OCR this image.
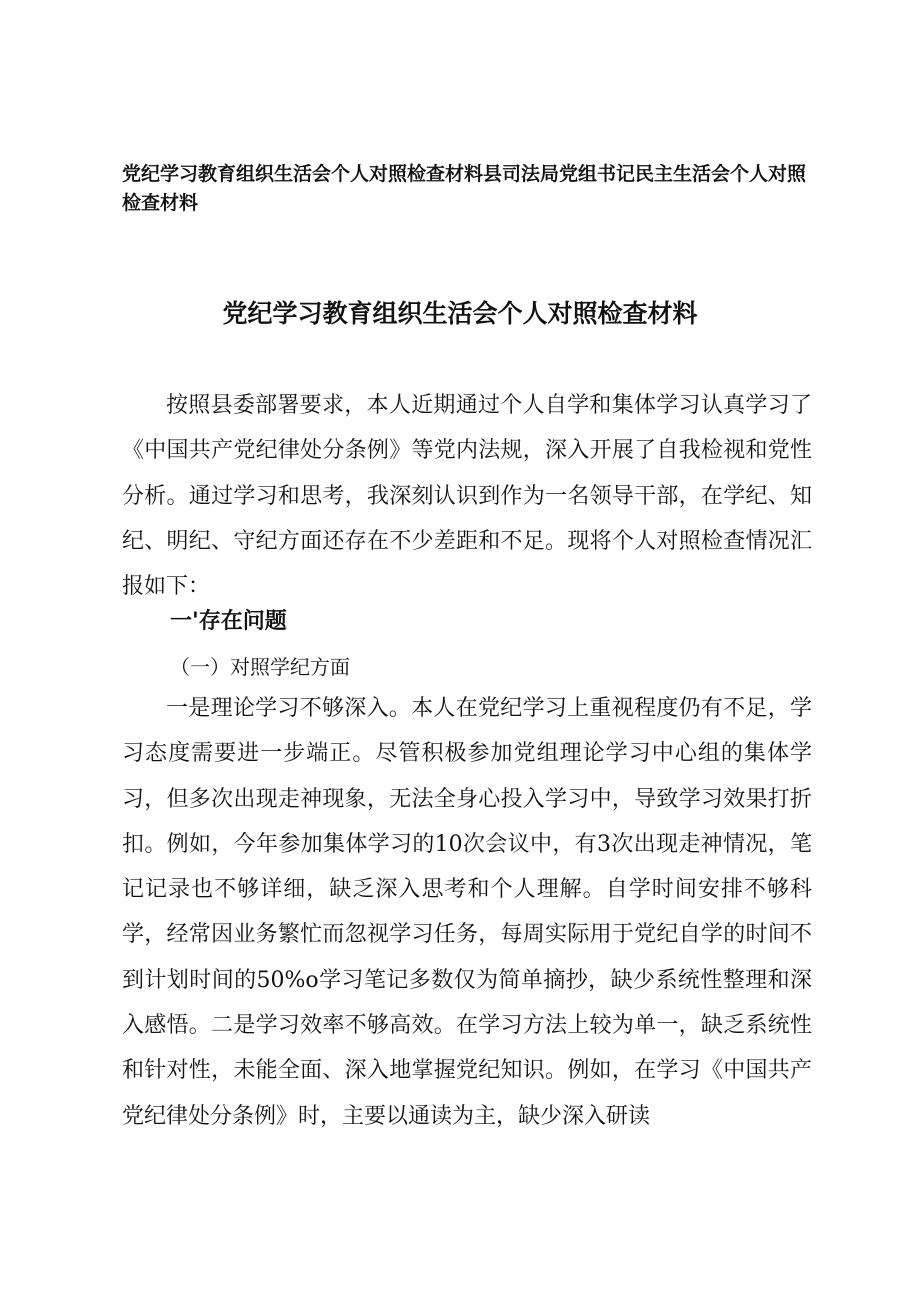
党纪学习教育组织生活会个人对照检查材料县司法局党组书记民主生活会个人对照检查材料
党纪学习教育组织生活会个人对照检查材料
按照县委部署要求，本人近期通过个人自学和集体学习认真学习了《中国共产党纪律处分条例》等党内法规，深入开展了自我检视和党性分析。通过学习和思考，我深刻认识到作为一名领导干部，在学纪、知纪、明纪、守纪方面还存在不少差距和不足。现将个人对照检查情况汇报如下：
一'存在问题
（一）对照学纪方面
一是理论学习不够深入。本人在党纪学习上重视程度仍有不足，学习态度需要进一步端正。尽管积极参加党组理论学习中心组的集体学习，但多次出现走神现象，无法全身心投入学习中，导致学习效果打折扣。例如，今年参加集体学习的10次会议中，有3次出现走神情况，笔记记录也不够详细，缺乏深入思考和个人理解。自学时间安排不够科学，经常因业务繁忙而忽视学习任务，每周实际用于党纪自学的时间不到计划时间的50%o学习笔记多数仅为简单摘抄，缺少系统性整理和深入感悟。二是学习效率不够高效。在学习方法上较为单一，缺乏系统性和针对性，未能全面、深入地掌握党纪知识。例如，在学习《中国共产党纪律处分条例》时，主要以通读为主，缺少深入研读
